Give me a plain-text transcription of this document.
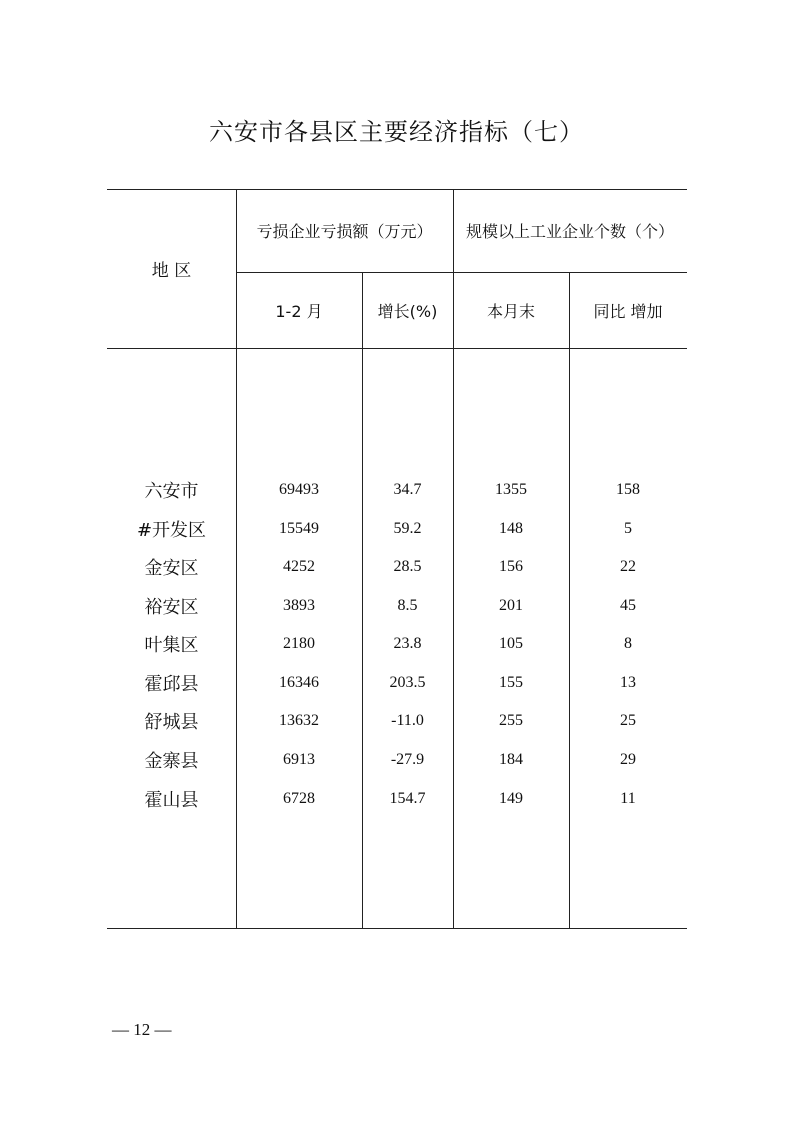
六安市各县区主要经济指标（七）
地 区
亏损企业亏损额（万元）	规模以上工业企业个数（个）
1-2 月	增长(%)	本月末	同比 增加
六安市	69493	34.7	1355	158
#开发区	15549	59.2	148	5
金安区	4252	28.5	156	22
裕安区	3893	8.5	201	45
叶集区	2180	23.8	105	8
霍邱县	16346	203.5	155	13
舒城县	13632	-11.0	255	25
金寨县	6913	-27.9	184	29
霍山县	6728	154.7	149	11
— 12 —
